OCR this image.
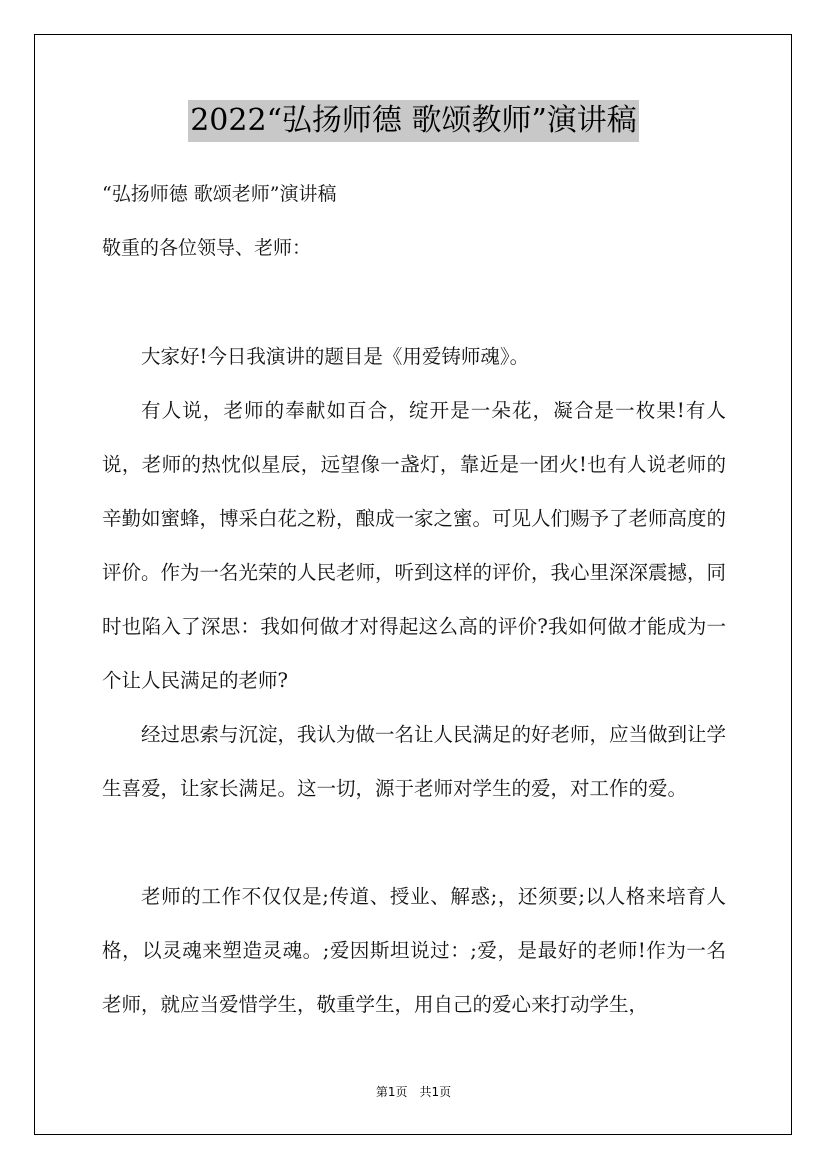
2022“弘扬师德 歌颂教师”演讲稿
“弘扬师德 歌颂老师”演讲稿
敬重的各位领导、老师：
大家好!今日我演讲的题目是《用爱铸师魂》。
有人说，老师的奉献如百合，绽开是一朵花，凝合是一枚果!有人说，老师的热忱似星辰，远望像一盏灯，靠近是一团火!也有人说老师的辛勤如蜜蜂，博采白花之粉，酿成一家之蜜。可见人们赐予了老师高度的评价。作为一名光荣的人民老师，听到这样的评价，我心里深深震撼，同时也陷入了深思：我如何做才对得起这么高的评价?我如何做才能成为一个让人民满足的老师?
经过思索与沉淀，我认为做一名让人民满足的好老师，应当做到让学生喜爱，让家长满足。这一切，源于老师对学生的爱，对工作的爱。
老师的工作不仅仅是;传道、授业、解惑;，还须要;以人格来培育人格，以灵魂来塑造灵魂。;爱因斯坦说过：;爱，是最好的老师!作为一名老师，就应当爱惜学生，敬重学生，用自己的爱心来打动学生，
第1页　共1页
